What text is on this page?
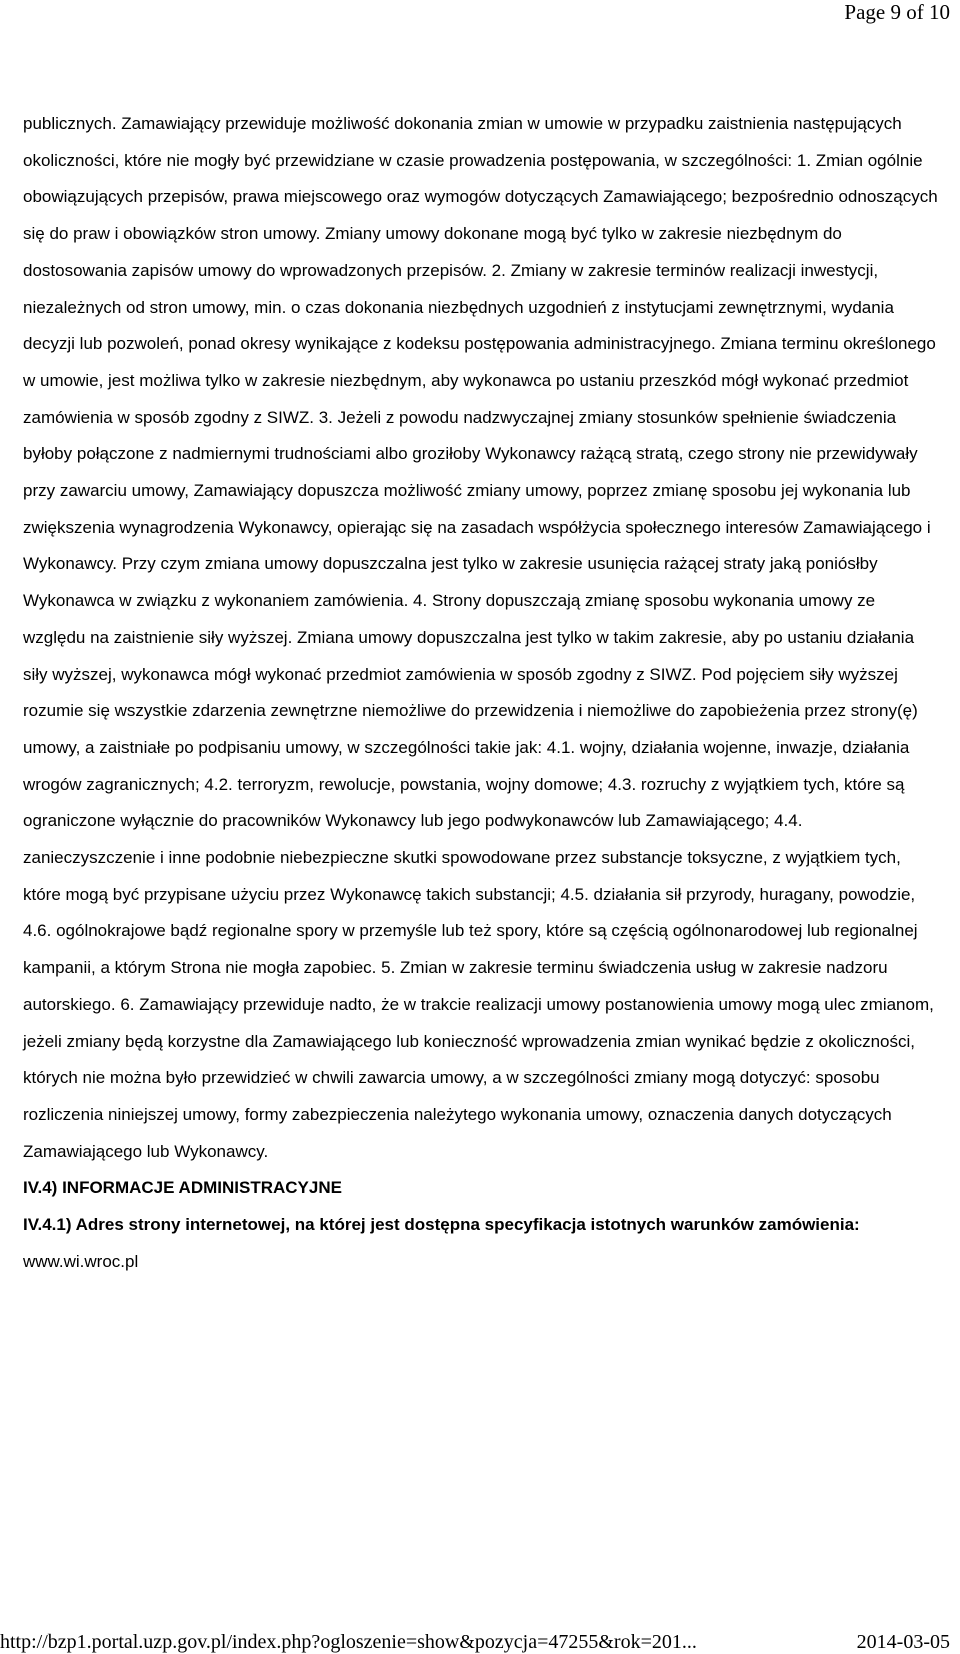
Page 9 of 10

publicznych. Zamawiający przewiduje możliwość dokonania zmian w umowie w przypadku zaistnienia następujących okoliczności, które nie mogły być przewidziane w czasie prowadzenia postępowania, w szczególności: 1. Zmian ogólnie obowiązujących przepisów, prawa miejscowego oraz wymogów dotyczących Zamawiającego; bezpośrednio odnoszących się do praw i obowiązków stron umowy. Zmiany umowy dokonane mogą być tylko w zakresie niezbędnym do dostosowania zapisów umowy do wprowadzonych przepisów. 2. Zmiany w zakresie terminów realizacji inwestycji, niezależnych od stron umowy, min. o czas dokonania niezbędnych uzgodnień z instytucjami zewnętrznymi, wydania decyzji lub pozwoleń, ponad okresy wynikające z kodeksu postępowania administracyjnego. Zmiana terminu określonego w umowie, jest możliwa tylko w zakresie niezbędnym, aby wykonawca po ustaniu przeszkód mógł wykonać przedmiot zamówienia w sposób zgodny z SIWZ. 3. Jeżeli z powodu nadzwyczajnej zmiany stosunków spełnienie świadczenia byłoby połączone z nadmiernymi trudnościami albo groziłoby Wykonawcy rażącą stratą, czego strony nie przewidywały przy zawarciu umowy, Zamawiający dopuszcza możliwość zmiany umowy, poprzez zmianę sposobu jej wykonania lub zwiększenia wynagrodzenia Wykonawcy, opierając się na zasadach współżycia społecznego interesów Zamawiającego i Wykonawcy. Przy czym zmiana umowy dopuszczalna jest tylko w zakresie usunięcia rażącej straty jaką poniósłby Wykonawca w związku z wykonaniem zamówienia. 4. Strony dopuszczają zmianę sposobu wykonania umowy ze względu na zaistnienie siły wyższej. Zmiana umowy dopuszczalna jest tylko w takim zakresie, aby po ustaniu działania siły wyższej, wykonawca mógł wykonać przedmiot zamówienia w sposób zgodny z SIWZ. Pod pojęciem siły wyższej rozumie się wszystkie zdarzenia zewnętrzne niemożliwe do przewidzenia i niemożliwe do zapobieżenia przez strony(ę) umowy, a zaistniałe po podpisaniu umowy, w szczególności takie jak: 4.1. wojny, działania wojenne, inwazje, działania wrogów zagranicznych; 4.2. terroryzm, rewolucje, powstania, wojny domowe; 4.3. rozruchy z wyjątkiem tych, które są ograniczone wyłącznie do pracowników Wykonawcy lub jego podwykonawców lub Zamawiającego; 4.4. zanieczyszczenie i inne podobnie niebezpieczne skutki spowodowane przez substancje toksyczne, z wyjątkiem tych, które mogą być przypisane użyciu przez Wykonawcę takich substancji; 4.5. działania sił przyrody, huragany, powodzie, 4.6. ogólnokrajowe bądź regionalne spory w przemyśle lub też spory, które są częścią ogólnonarodowej lub regionalnej kampanii, a którym Strona nie mogła zapobiec. 5. Zmian w zakresie terminu świadczenia usług w zakresie nadzoru autorskiego. 6. Zamawiający przewiduje nadto, że w trakcie realizacji umowy postanowienia umowy mogą ulec zmianom, jeżeli zmiany będą korzystne dla Zamawiającego lub konieczność wprowadzenia zmian wynikać będzie z okoliczności, których nie można było przewidzieć w chwili zawarcia umowy, a w szczególności zmiany mogą dotyczyć: sposobu rozliczenia niniejszej umowy, formy zabezpieczenia należytego wykonania umowy, oznaczenia danych dotyczących Zamawiającego lub Wykonawcy.

IV.4) INFORMACJE ADMINISTRACYJNE

IV.4.1) Adres strony internetowej, na której jest dostępna specyfikacja istotnych warunków zamówienia: www.wi.wroc.pl

http://bzp1.portal.uzp.gov.pl/index.php?ogloszenie=show&pozycja=47255&rok=201...	2014-03-05
